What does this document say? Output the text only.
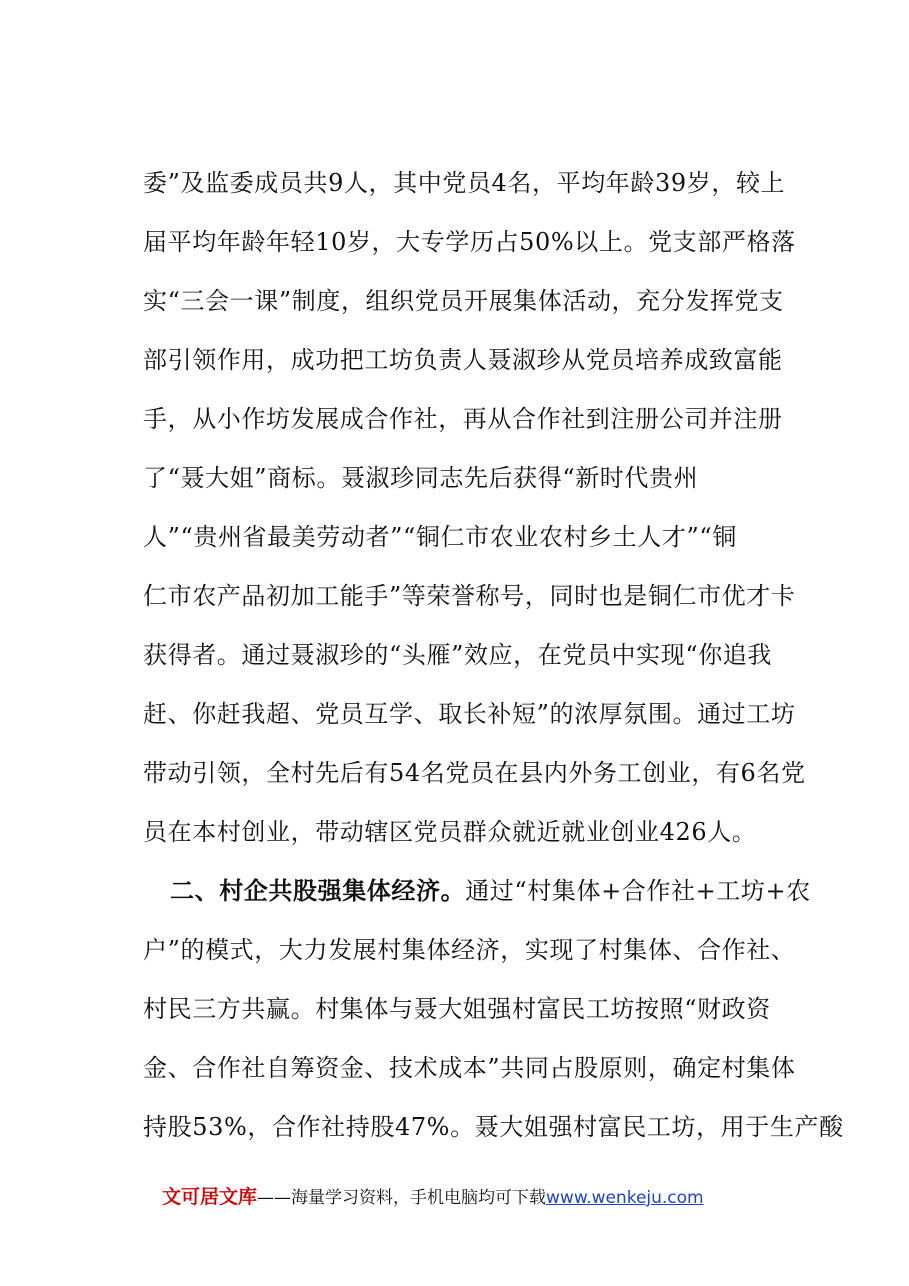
委”及监委成员共9人，其中党员4名，平均年龄39岁，较上
届平均年龄年轻10岁，大专学历占50%以上。党支部严格落
实“三会一课”制度，组织党员开展集体活动，充分发挥党支
部引领作用，成功把工坊负责人聂淑珍从党员培养成致富能
手，从小作坊发展成合作社，再从合作社到注册公司并注册
了“聂大姐”商标。聂淑珍同志先后获得“新时代贵州
人”“贵州省最美劳动者”“铜仁市农业农村乡土人才”“铜
仁市农产品初加工能手”等荣誉称号，同时也是铜仁市优才卡
获得者。通过聂淑珍的“头雁”效应，在党员中实现“你追我
赶、你赶我超、党员互学、取长补短”的浓厚氛围。通过工坊
带动引领，全村先后有54名党员在县内外务工创业，有6名党
员在本村创业，带动辖区党员群众就近就业创业426人。
二、村企共股强集体经济。通过“村集体+合作社+工坊+农
户”的模式，大力发展村集体经济，实现了村集体、合作社、
村民三方共赢。村集体与聂大姐强村富民工坊按照“财政资
金、合作社自筹资金、技术成本”共同占股原则，确定村集体
持股53%，合作社持股47%。聂大姐强村富民工坊，用于生产酸
文可居文库——海量学习资料，手机电脑均可下载www.wenkeju.com
